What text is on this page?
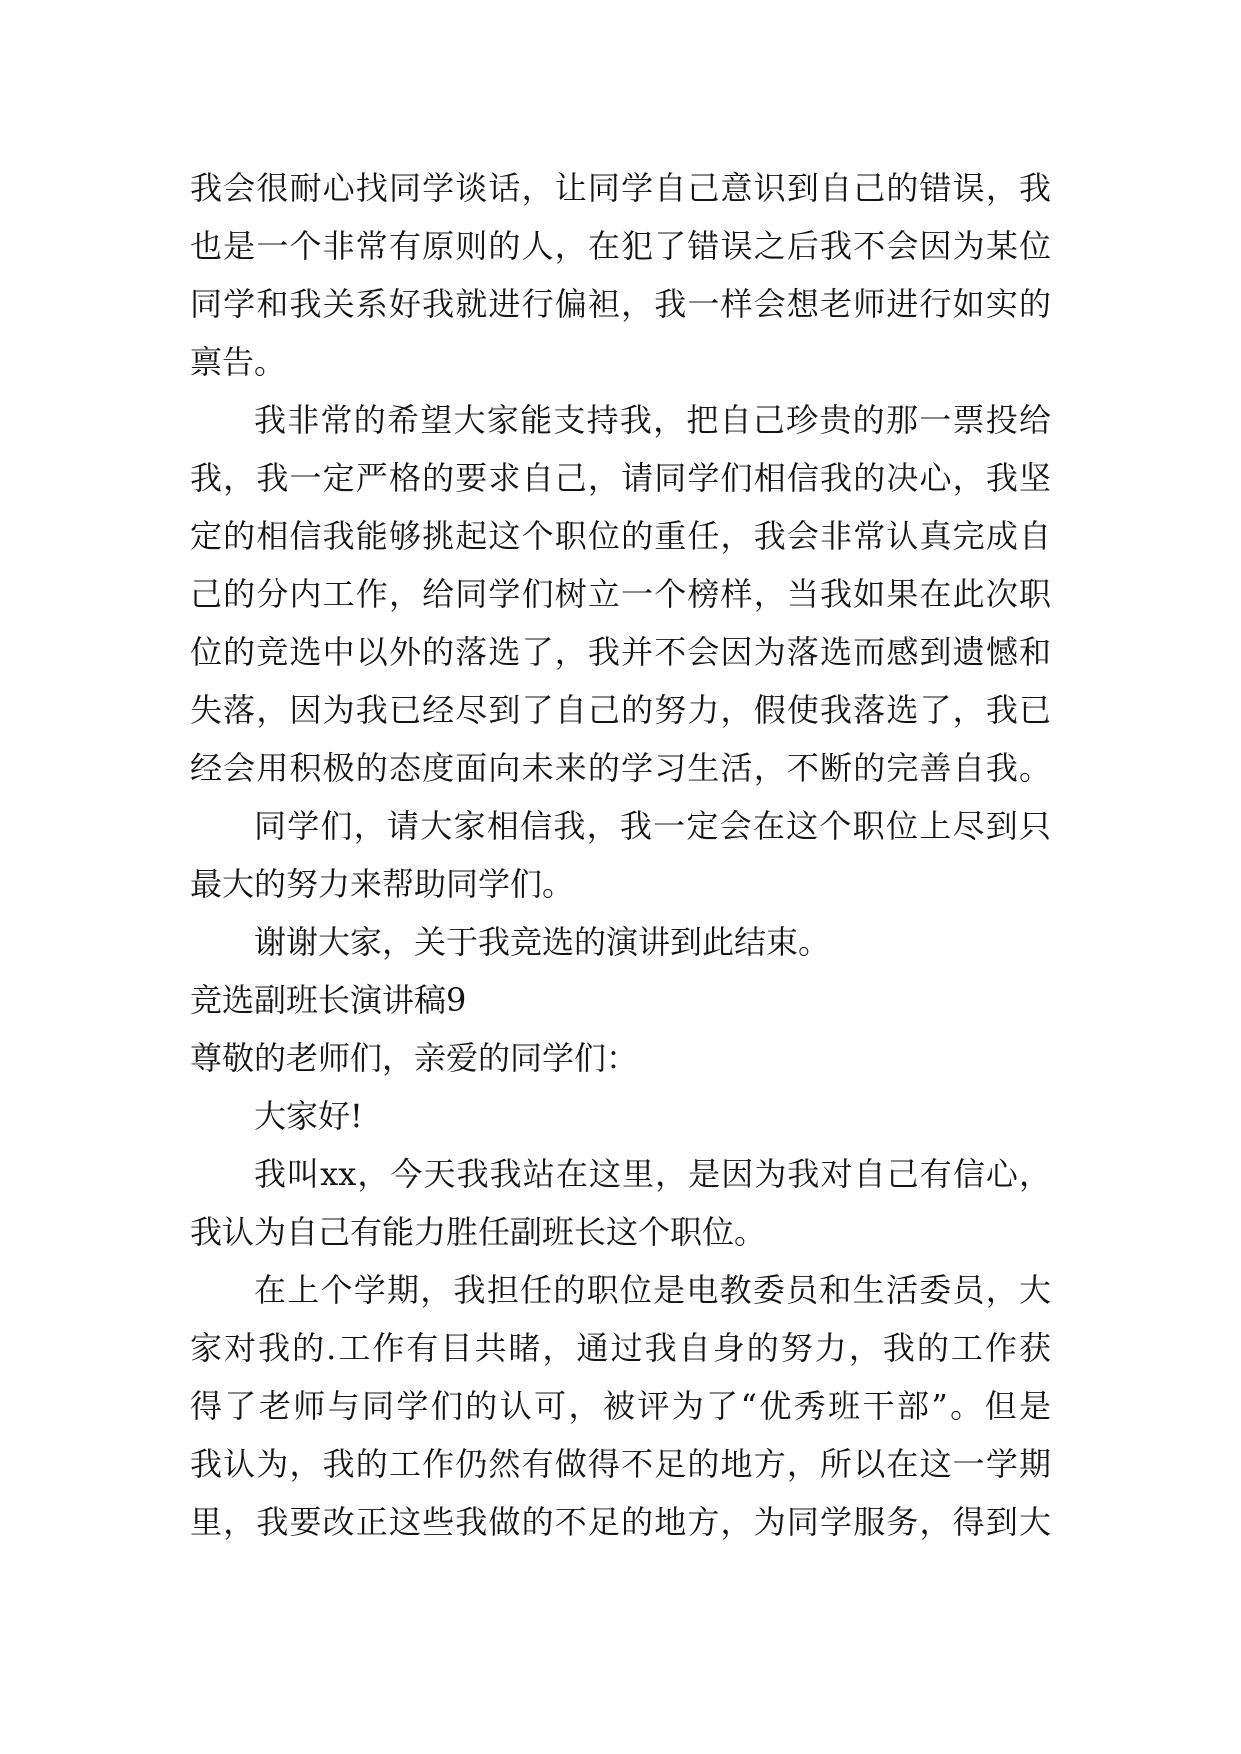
我会很耐心找同学谈话，让同学自己意识到自己的错误，我
也是一个非常有原则的人，在犯了错误之后我不会因为某位
同学和我关系好我就进行偏袒，我一样会想老师进行如实的
禀告。
我非常的希望大家能支持我，把自己珍贵的那一票投给
我，我一定严格的要求自己，请同学们相信我的决心，我坚
定的相信我能够挑起这个职位的重任，我会非常认真完成自
己的分内工作，给同学们树立一个榜样，当我如果在此次职
位的竞选中以外的落选了，我并不会因为落选而感到遗憾和
失落，因为我已经尽到了自己的努力，假使我落选了，我已
经会用积极的态度面向未来的学习生活，不断的完善自我。
同学们，请大家相信我，我一定会在这个职位上尽到只
最大的努力来帮助同学们。
谢谢大家，关于我竞选的演讲到此结束。
竞选副班长演讲稿9
尊敬的老师们，亲爱的同学们：
大家好!
我叫xx，今天我我站在这里，是因为我对自己有信心，
我认为自己有能力胜任副班长这个职位。
在上个学期，我担任的职位是电教委员和生活委员，大
家对我的.工作有目共睹，通过我自身的努力，我的工作获
得了老师与同学们的认可，被评为了“优秀班干部”。但是
我认为，我的工作仍然有做得不足的地方，所以在这一学期
里，我要改正这些我做的不足的地方，为同学服务，得到大
